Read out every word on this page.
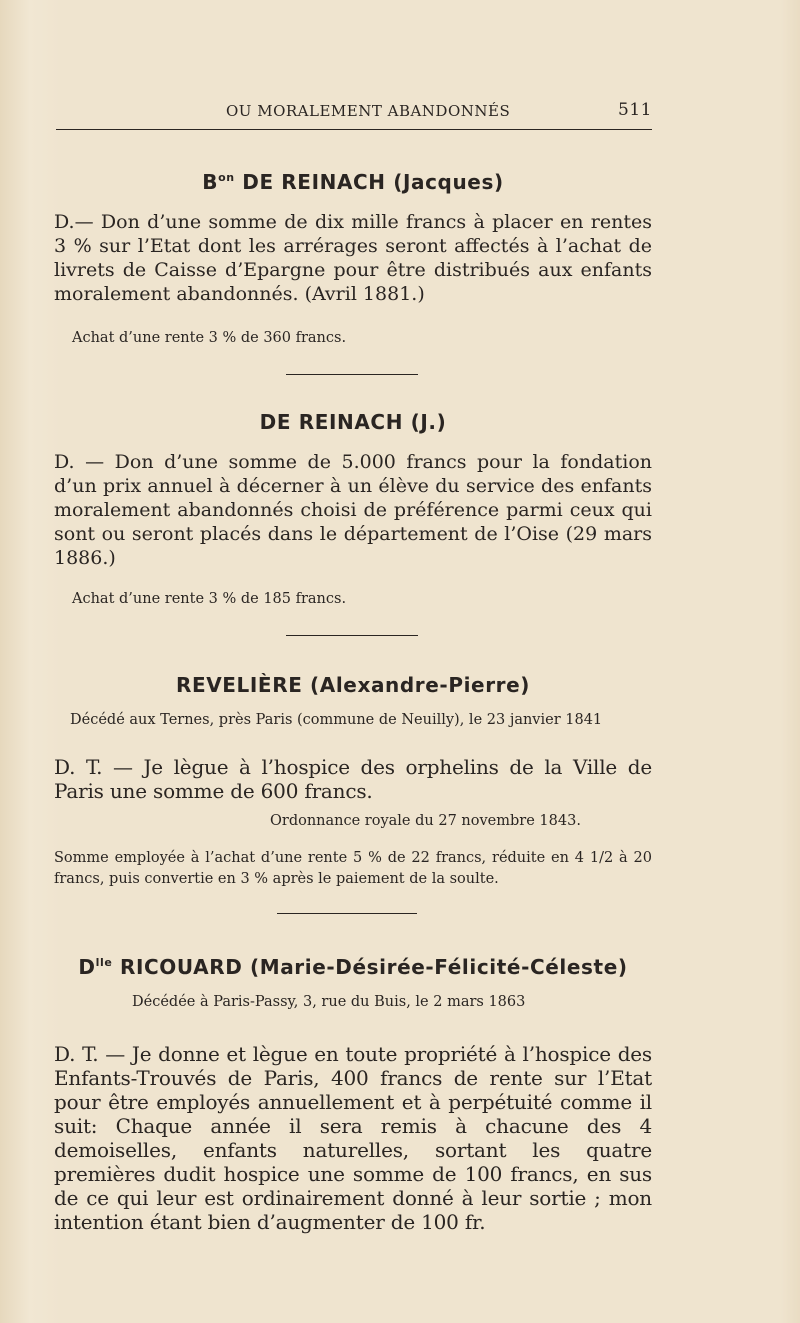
OU MORALEMENT ABANDONNÉS	511
$B^{on}$ DE REINACH (Jacques)
D.— Don d’une somme de dix mille francs à placer en rentes 3 % sur l’Etat dont les arrérages seront affectés à l’achat de livrets de Caisse d’Epargne pour être distribués aux enfants moralement abandonnés. (Avril 1881.)
Achat d’une rente 3 % de 360 francs.
DE REINACH (J.)
D. — Don d’une somme de 5.000 francs pour la fondation d’un prix annuel à décerner à un élève du service des enfants moralement abandonnés choisi de préférence parmi ceux qui sont ou seront placés dans le département de l’Oise (29 mars 1886.)
Achat d’une rente 3 % de 185 francs.
REVELIÈRE (Alexandre-Pierre)
Décédé aux Ternes, près Paris (commune de Neuilly), le 23 janvier 1841
D. T. — Je lègue à l’hospice des orphelins de la Ville de Paris une somme de 600 francs.
Ordonnance royale du 27 novembre 1843.
Somme employée à l’achat d’une rente 5 % de 22 francs, réduite en 4 1/2 à 20 francs, puis convertie en 3 % après le paiement de la soulte.
$D^{lle}$ RICOUARD (Marie-Désirée-Félicité-Céleste)
Décédée à Paris-Passy, 3, rue du Buis, le 2 mars 1863
D. T. — Je donne et lègue en toute propriété à l’hospice des Enfants-Trouvés de Paris, 400 francs de rente sur l’Etat pour être employés annuellement et à perpétuité comme il suit: Chaque année il sera remis à chacune des 4 demoiselles, enfants naturelles, sortant les quatre premières dudit hospice une somme de 100 francs, en sus de ce qui leur est ordinairement donné à leur sortie ; mon intention étant bien d’augmenter de 100 fr.
